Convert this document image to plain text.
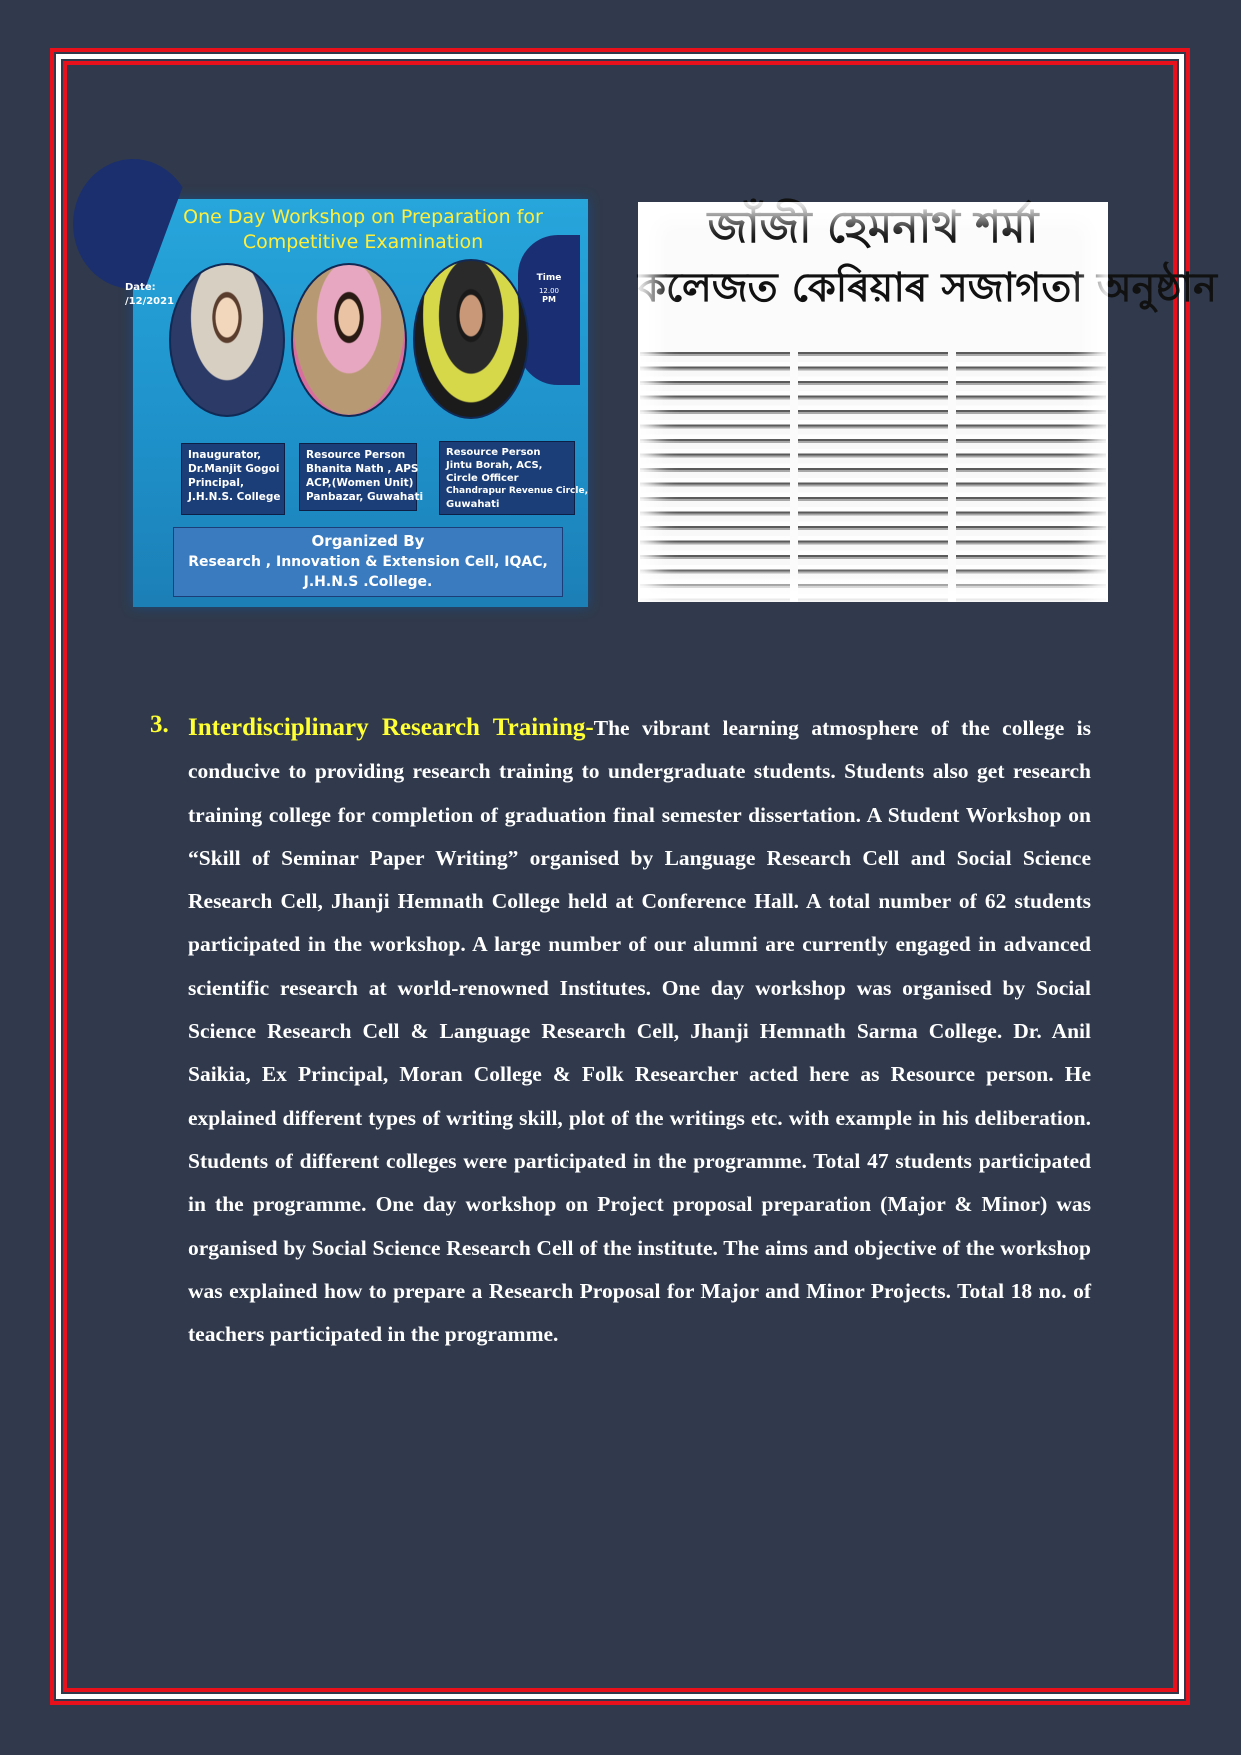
One Day Workshop on Preparation for
Competitive Examination
Date:
/12/2021
Time
12.00
PM
Inaugurator,
Dr.Manjit Gogoi
Principal,
J.H.N.S. College
Resource Person
Bhanita Nath , APS
ACP,(Women Unit)
Panbazar, Guwahati
Resource Person
Jintu Borah, ACS,
Circle Officer
Chandrapur Revenue Circle,
Guwahati
Organized By
Research , Innovation & Extension Cell, IQAC,
J.H.N.S .College.
জাঁজী হেমনাথ শৰ্মা
কলেজত কেৰিয়াৰ সজাগতা অনুষ্ঠান
3. Interdisciplinary Research Training-The vibrant learning atmosphere of the college is conducive to providing research training to undergraduate students. Students also get research training college for completion of graduation final semester dissertation. A Student Workshop on “Skill of Seminar Paper Writing” organised by Language Research Cell and Social Science Research Cell, Jhanji Hemnath College held at Conference Hall. A total number of 62 students participated in the workshop. A large number of our alumni are currently engaged in advanced scientific research at world-renowned Institutes. One day workshop was organised by Social Science Research Cell & Language Research Cell, Jhanji Hemnath Sarma College. Dr. Anil Saikia, Ex Principal, Moran College & Folk Researcher acted here as Resource person. He explained different types of writing skill, plot of the writings etc. with example in his deliberation. Students of different colleges were participated in the programme. Total 47 students participated in the programme. One day workshop on Project proposal preparation (Major & Minor) was organised by Social Science Research Cell of the institute. The aims and objective of the workshop was explained how to prepare a Research Proposal for Major and Minor Projects. Total 18 no. of teachers participated in the programme.
